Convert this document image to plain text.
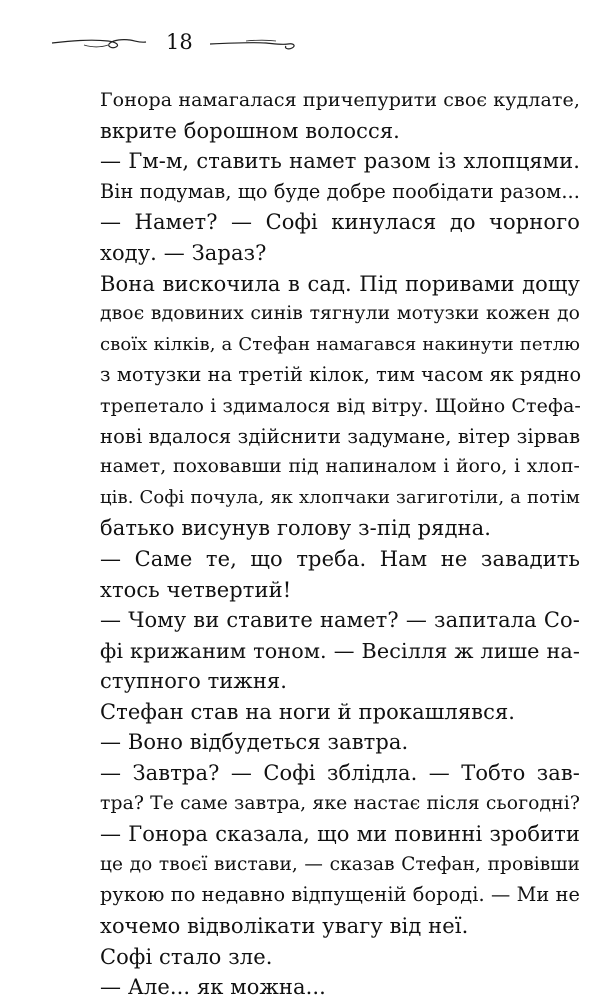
18
Гонора намагалася причепурити своє кудлате,
вкрите борошном волосся.
— Гм-м, ставить намет разом із хлопцями.
Він подумав, що буде добре пообідати разом...
— Намет? — Софі кинулася до чорного
ходу. — Зараз?
Вона вискочила в сад. Під поривами дощу
двоє вдовиних синів тягнули мотузки кожен до
своїх кілків, а Стефан намагався накинути петлю
з мотузки на третій кілок, тим часом як рядно
трепетало і здималося від вітру. Щойно Стефа-
нові вдалося здійснити задумане, вітер зірвав
намет, поховавши під напиналом і його, і хлоп-
ців. Софі почула, як хлопчаки загиготіли, а потім
батько висунув голову з-під рядна.
— Саме те, що треба. Нам не завадить
хтось четвертий!
— Чому ви ставите намет? — запитала Со-
фі крижаним тоном. — Весілля ж лише на-
ступного тижня.
Стефан став на ноги й прокашлявся.
— Воно відбудеться завтра.
— Завтра? — Софі зблідла. — Тобто зав-
тра? Те саме завтра, яке настає після сьогодні?
— Гонора сказала, що ми повинні зробити
це до твоєї вистави, — сказав Стефан, провівши
рукою по недавно відпущеній бороді. — Ми не
хочемо відволікати увагу від неї.
Софі стало зле.
— Але... як можна...
